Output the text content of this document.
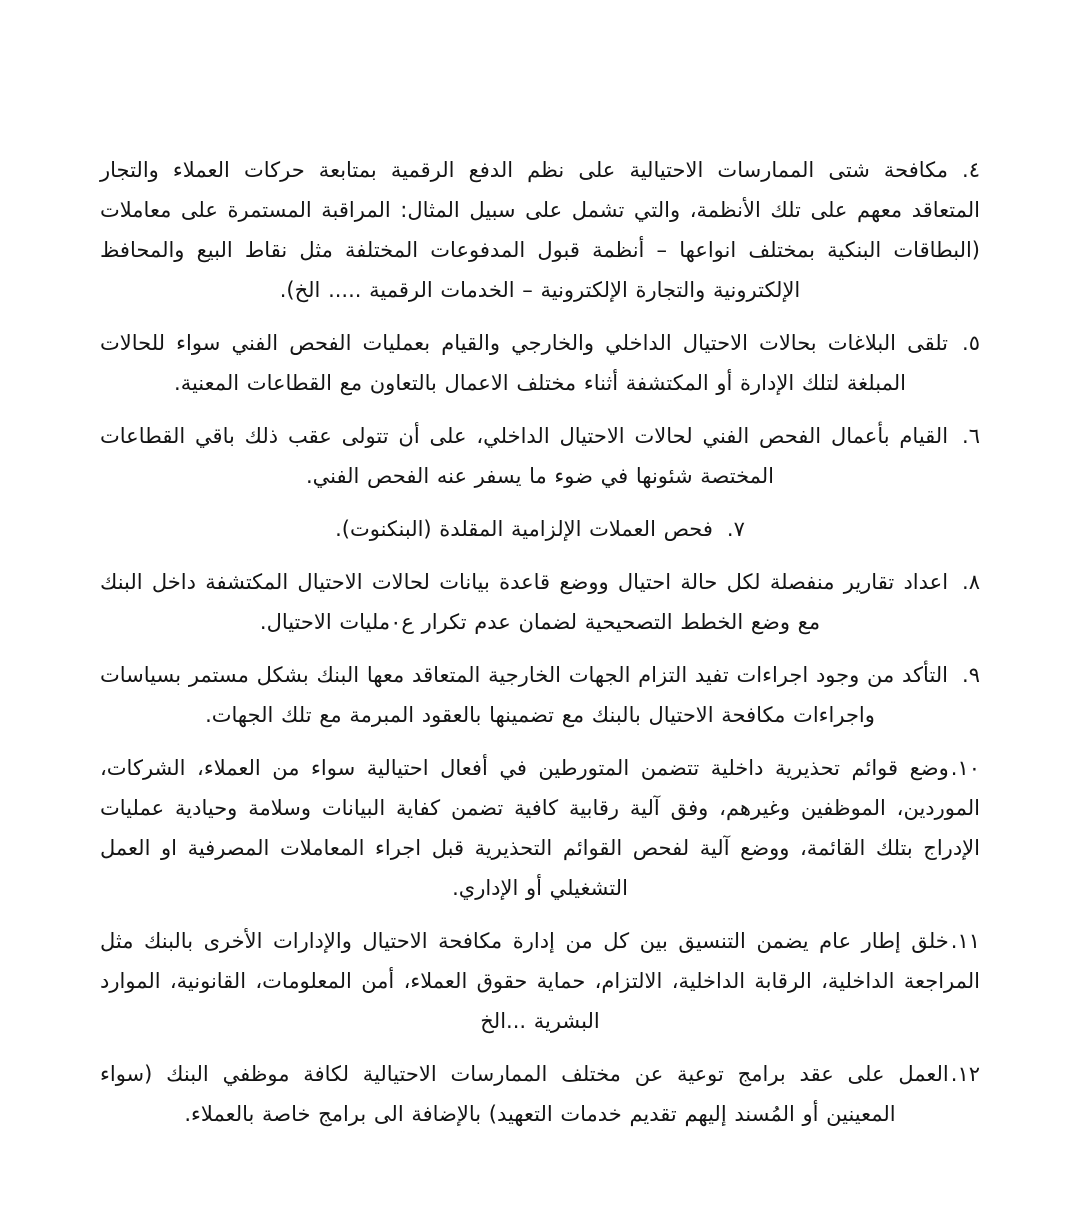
٤.مكافحة شتى الممارسات الاحتيالية على نظم الدفع الرقمية بمتابعة حركات العملاء والتجار المتعاقد معهم على تلك الأنظمة، والتي تشمل على سبيل المثال: المراقبة المستمرة على معاملات (البطاقات البنكية بمختلف انواعها – أنظمة قبول المدفوعات المختلفة مثل نقاط البيع والمحافظ الإلكترونية والتجارة الإلكترونية – الخدمات الرقمية ..... الخ).

٥.تلقى البلاغات بحالات الاحتيال الداخلي والخارجي والقيام بعمليات الفحص الفني سواء للحالات المبلغة لتلك الإدارة أو المكتشفة أثناء مختلف الاعمال بالتعاون مع القطاعات المعنية.

٦.القيام بأعمال الفحص الفني لحالات الاحتيال الداخلي، على أن تتولى عقب ذلك باقي القطاعات المختصة شئونها في ضوء ما يسفر عنه الفحص الفني.

٧.فحص العملات الإلزامية المقلدة (البنكنوت).

٨.اعداد تقارير منفصلة لكل حالة احتيال ووضع قاعدة بيانات لحالات الاحتيال المكتشفة داخل البنك مع وضع الخطط التصحيحية لضمان عدم تكرار ع٠مليات الاحتيال.

٩.التأكد من وجود اجراءات تفيد التزام الجهات الخارجية المتعاقد معها البنك بشكل مستمر بسياسات واجراءات مكافحة الاحتيال بالبنك مع تضمينها بالعقود المبرمة مع تلك الجهات.

١٠.وضع قوائم تحذيرية داخلية تتضمن المتورطين في أفعال احتيالية سواء من العملاء، الشركات، الموردين، الموظفين وغيرهم، وفق آلية رقابية كافية تضمن كفاية البيانات وسلامة وحيادية عمليات الإدراج بتلك القائمة، ووضع آلية لفحص القوائم التحذيرية قبل اجراء المعاملات المصرفية او العمل التشغيلي أو الإداري.

١١.خلق إطار عام يضمن التنسيق بين كل من إدارة مكافحة الاحتيال والإدارات الأخرى بالبنك مثل المراجعة الداخلية، الرقابة الداخلية، الالتزام، حماية حقوق العملاء، أمن المعلومات، القانونية، الموارد البشرية ...الخ

١٢.العمل على عقد برامج توعية عن مختلف الممارسات الاحتيالية لكافة موظفي البنك (سواء المعينين أو المُسند إليهم تقديم خدمات التعهيد) بالإضافة الى برامج خاصة بالعملاء.
